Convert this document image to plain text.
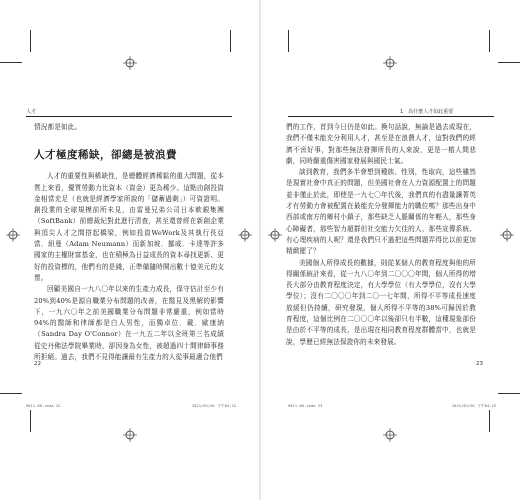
人才	1　為什麼人才如此重要

情況都是如此。

人才極度稀缺，卻總是被浪費

人才的重要性與稀缺性，是總體經濟稀鬆的重大問題，從本質上來看，優質勞動力比資本（資金）更為稀少。這點由創投資金相當充足（也就是經濟學家所說的「儲蓄過剩」）可資證明。創投業的全球規模前所未見，由雷曼兄弟公司日本軟銀集團（SoftBank）前總裁紀對此進行清查，甚至還曾經在新創企業與頂尖人才之間搭起橋梁，例如投資WeWork及其執行長亞當．紐曼（Adam Neumann）而新加坡．挪威．卡達等許多國家的主權財富基金，也在積極為日益成長的資本尋找更新、更好的投資標的，他們有的是錢，正準備隨時開出數十億美元的支票。

回顧美國自一九八〇年以來的生產力成長，保守估計至少有20%到40%是源自職業分布問題的改善，在醫見及黑解的影響下，一九六〇年之前美國職業分布問題非常嚴重，例如當時94%的醫師和律師都是白人男性，而獨卓位．戴．歐康納（Sandra Day O'Connor）在一九五二年以全班第三名成績從史丹佛法學院畢業時，卻因身為女性，被超過四十間律師事務所拒絕。過去，我們不見得能讓最有生產力的人從事最適合他們

們的工作，首到今日仍是如此。換句話說，無論是過去或現在，我們不僅未能充分利用人才，甚至是在浪費人才，這對我們的經濟不啻好事，對那些無法發揮所長的人來說，更是一樁人間悲劇，同時嚴重傷害國家發展與國民士氣。

談到教育，我們多半會想到種族、性別，性取向，這些雖然是現實社會中真正的問題，但美國社會在人力資源配置上的問題並非僅止於此，即使是一九七〇年代後，我們真的有盡量讓菁英才有勞動力會被配置在最能充分發揮能力的職位嗎？那些出身中西部或南方的鄉村小鎮子，那些缺乏人脈關係的年輕人，那些身心障礙者，那些智力超群但社交能力欠佳的人、那些宣傳系統、有心理疾病的人呢？還是我們只不過把這些問題弄得比以前更加精緻罷了？

美國個人所得成長的數據，則從某個人的教育程度與他的所得關係統計來看，從一九八〇年到二〇〇〇年間，個人所得的增長大部分由教育程度決定，有大學學位（有大學學位，沒有大學學位）；沒有二〇〇〇年到二〇一七年間，所得不平等成長速度放緩但仍持續，研究發現，個人所得不平等的38%可歸因於教育程度，這個比例在二〇〇〇年以後卻只有半數，這種現象部份是由於不平等的成長，是出現在相同教育程度群體當中，也就是說，學歷已經無法保證你的未來發展。

22	23
9011-06-ceda 22	2021/01/01 下午04:22	9011-06-ceda 23	2021/01/01 下午04:22
